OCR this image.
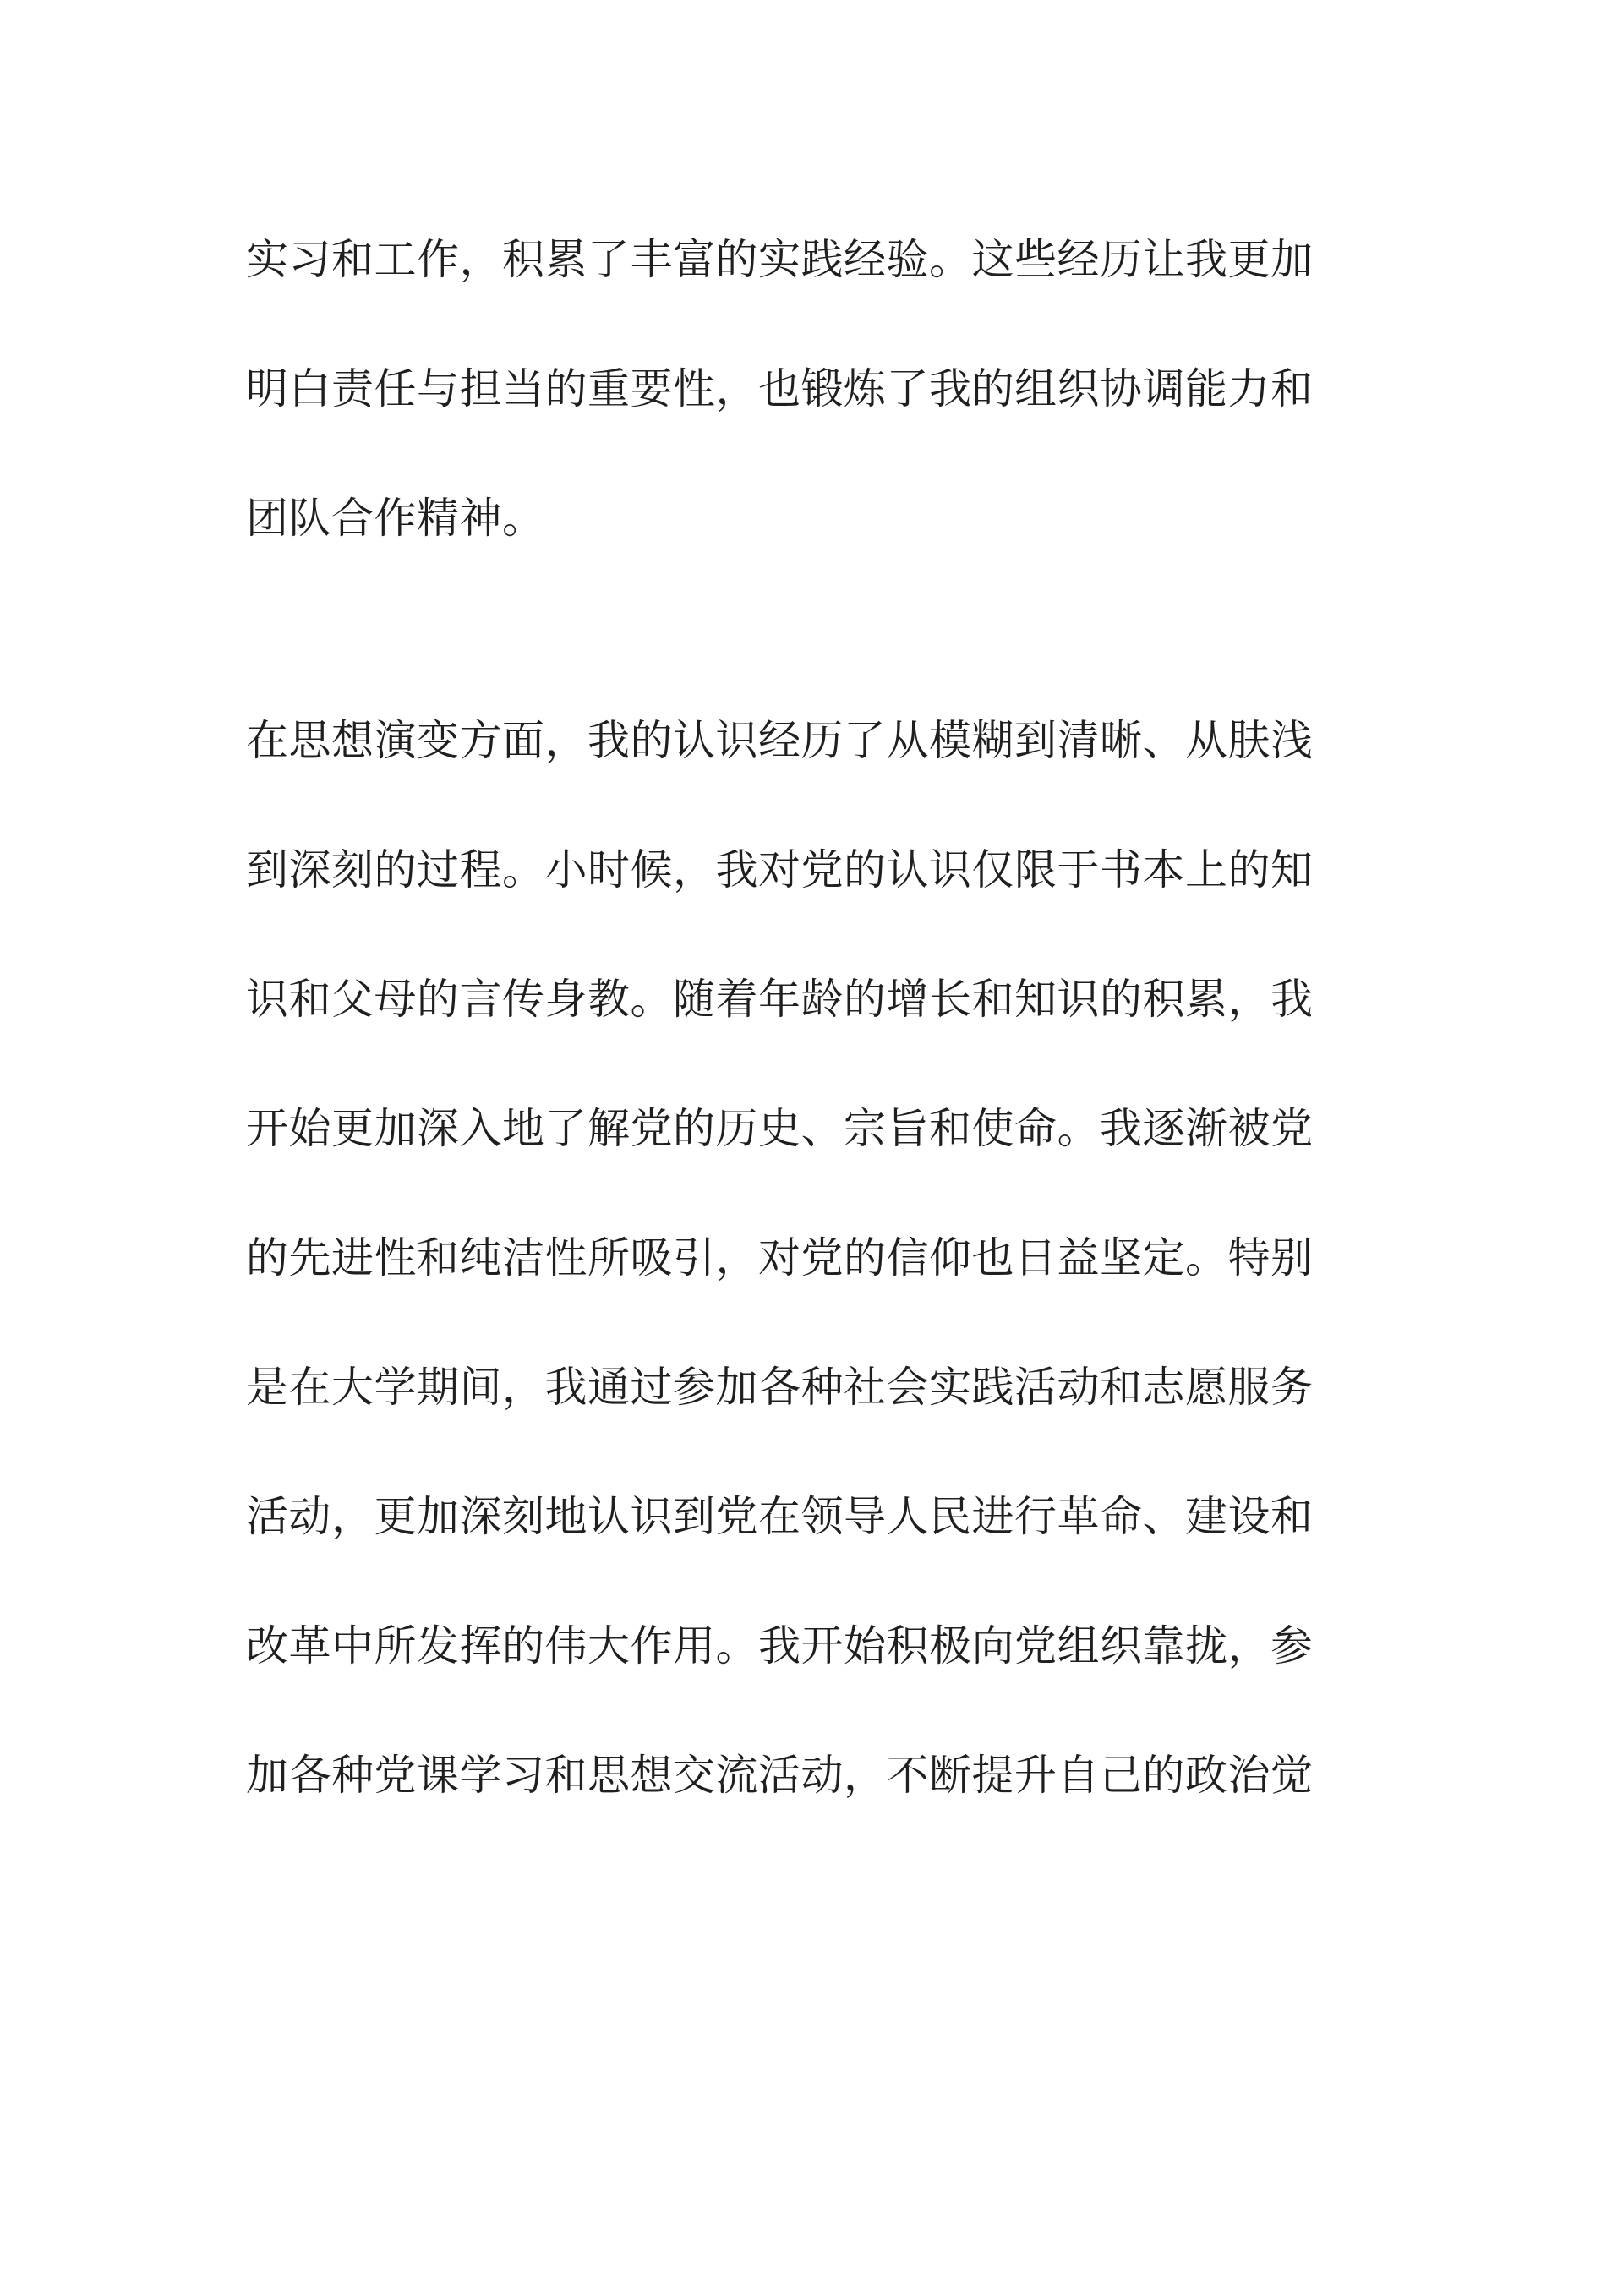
实习和工作，积累了丰富的实践经验。这些经历让我更加
明白责任与担当的重要性，也锻炼了我的组织协调能力和
团队合作精神。
在思想演变方面，我的认识经历了从模糊到清晰、从肤浅
到深刻的过程。小时候，我对党的认识仅限于书本上的知
识和父母的言传身教。随着年龄的增长和知识的积累，我
开始更加深入地了解党的历史、宗旨和使命。我逐渐被党
的先进性和纯洁性所吸引，对党的信仰也日益坚定。特别
是在大学期间，我通过参加各种社会实践活动和志愿服务
活动，更加深刻地认识到党在领导人民进行革命、建设和
改革中所发挥的伟大作用。我开始积极向党组织靠拢，参
加各种党课学习和思想交流活动，不断提升自己的政治觉
